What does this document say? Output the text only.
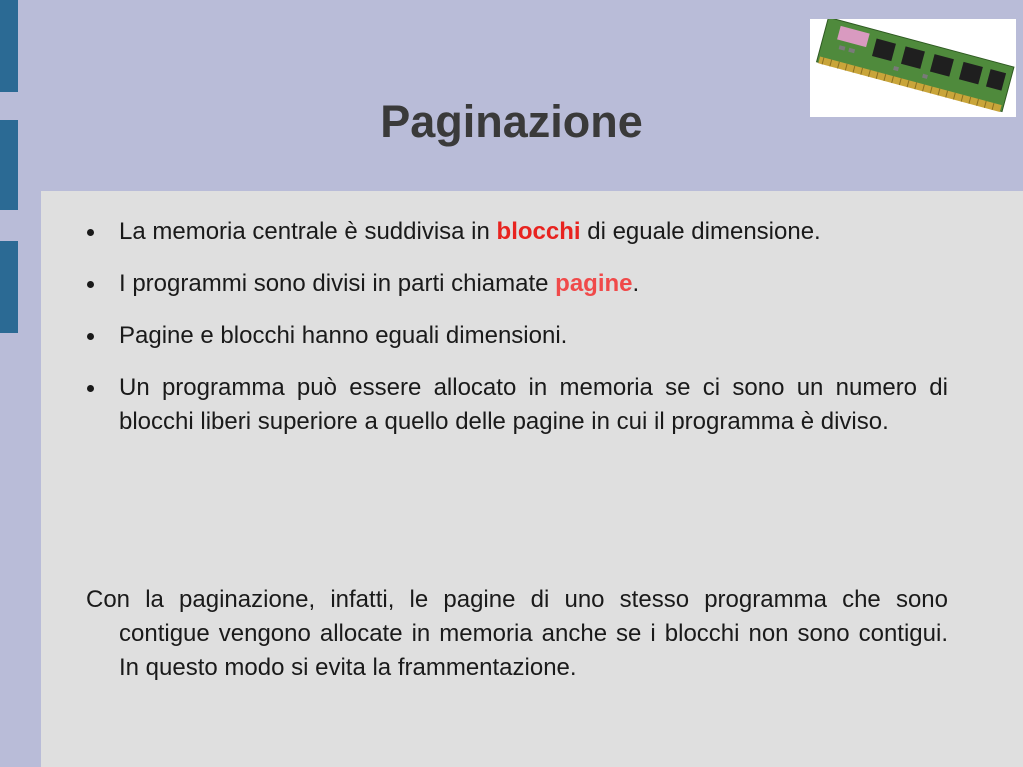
Paginazione
La memoria centrale è suddivisa in blocchi di eguale dimensione.
I programmi sono divisi in parti chiamate pagine.
Pagine e blocchi hanno eguali dimensioni.
Un programma può essere allocato in memoria se ci sono un numero di blocchi liberi superiore a quello delle pagine in cui il programma è diviso.
Con la paginazione, infatti, le pagine di uno stesso programma che sono contigue vengono allocate in memoria anche se i blocchi non sono contigui. In questo modo si evita la frammentazione.
